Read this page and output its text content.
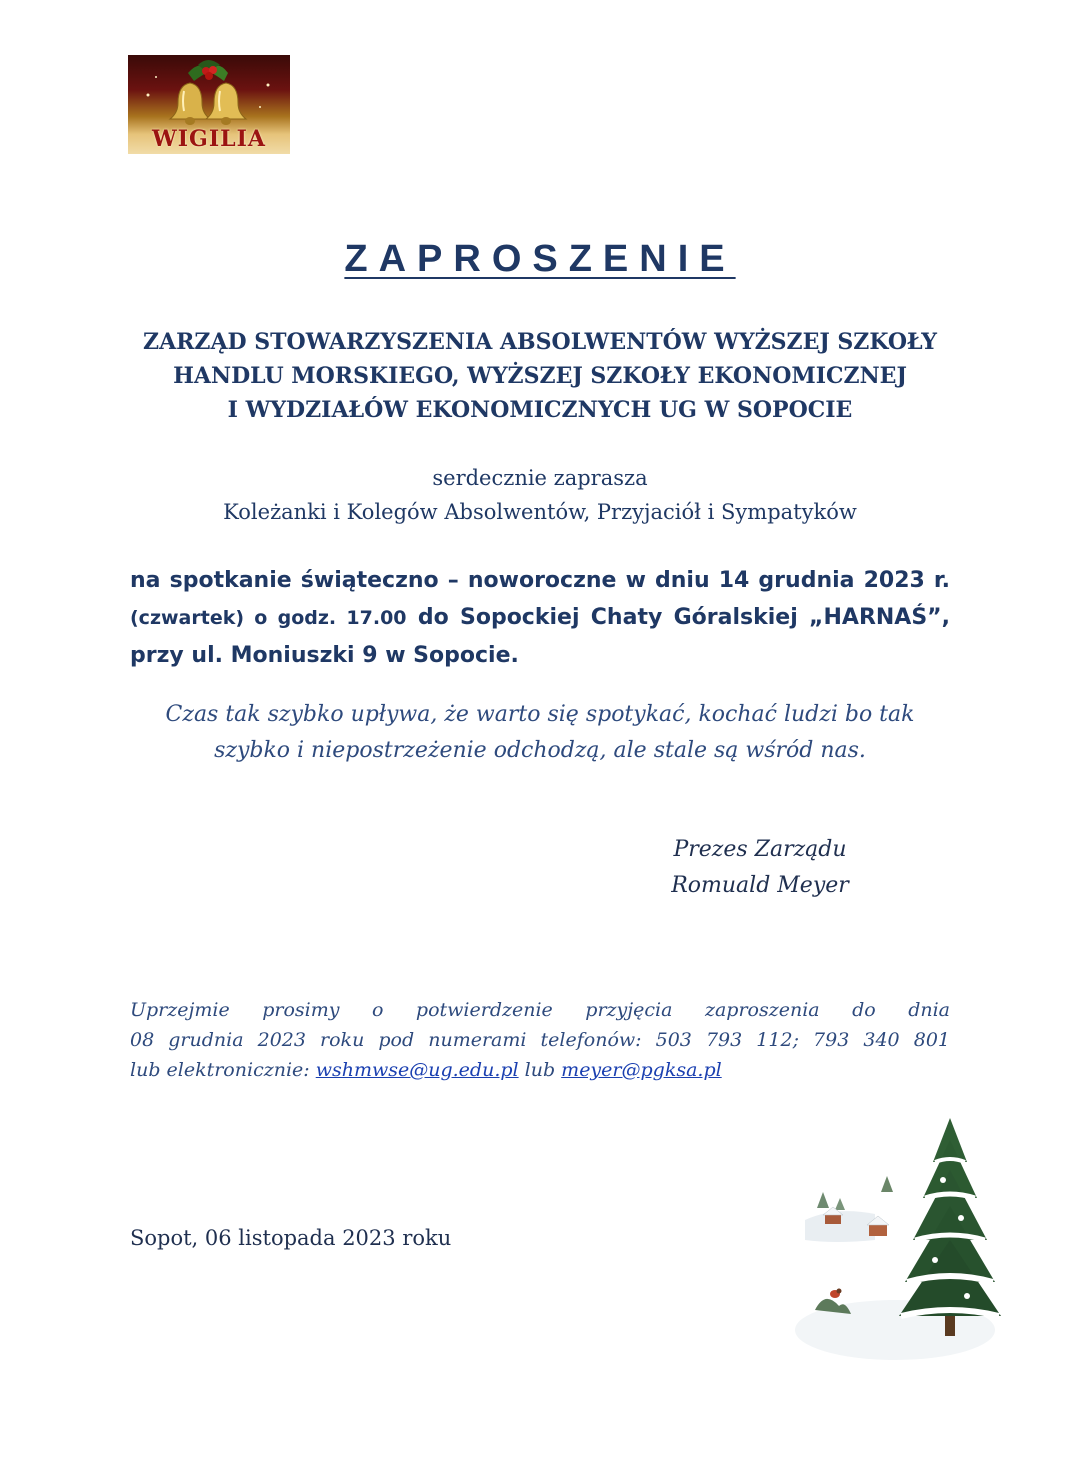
WIGILIA
ZAPROSZENIE
ZARZĄD STOWARZYSZENIA ABSOLWENTÓW WYŻSZEJ SZKOŁY
HANDLU MORSKIEGO, WYŻSZEJ SZKOŁY EKONOMICZNEJ
I WYDZIAŁÓW EKONOMICZNYCH UG W SOPOCIE
serdecznie zaprasza
Koleżanki i Kolegów Absolwentów, Przyjaciół i Sympatyków
na spotkanie świąteczno – noworoczne w dniu 14 grudnia 2023 r.
(czwartek) o godz. 17.00 do Sopockiej Chaty Góralskiej „HARNAŚ”,
przy ul. Moniuszki 9 w Sopocie.
Czas tak szybko upływa, że warto się spotykać, kochać ludzi bo tak
szybko i niepostrzeżenie odchodzą, ale stale są wśród nas.
Prezes Zarządu
Romuald Meyer
Uprzejmie prosimy o potwierdzenie przyjęcia zaproszenia do dnia
08 grudnia 2023 roku pod numerami telefonów: 503 793 112; 793 340 801
lub elektronicznie: wshmwse@ug.edu.pl lub meyer@pgksa.pl
Sopot, 06 listopada 2023 roku
